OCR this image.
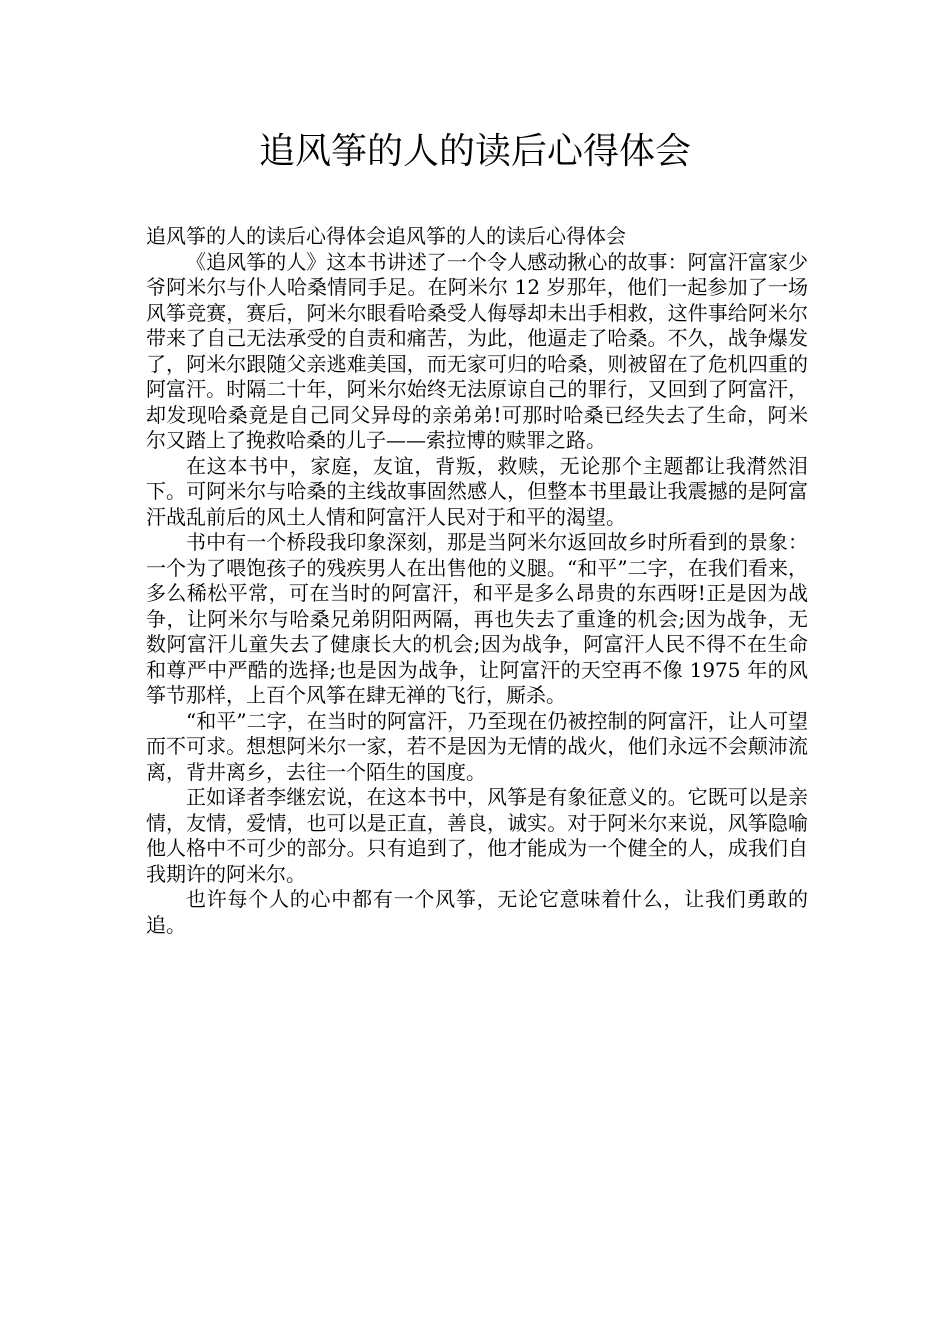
追风筝的人的读后心得体会

追风筝的人的读后心得体会追风筝的人的读后心得体会

《追风筝的人》这本书讲述了一个令人感动揪心的故事：阿富汗富家少爷阿米尔与仆人哈桑情同手足。在阿米尔 12 岁那年，他们一起参加了一场风筝竞赛，赛后，阿米尔眼看哈桑受人侮辱却未出手相救，这件事给阿米尔带来了自己无法承受的自责和痛苦，为此，他逼走了哈桑。不久，战争爆发了，阿米尔跟随父亲逃难美国，而无家可归的哈桑，则被留在了危机四重的阿富汗。时隔二十年，阿米尔始终无法原谅自己的罪行，又回到了阿富汗，却发现哈桑竟是自己同父异母的亲弟弟!可那时哈桑已经失去了生命，阿米尔又踏上了挽救哈桑的儿子——索拉博的赎罪之路。

在这本书中，家庭，友谊，背叛，救赎，无论那个主题都让我潸然泪下。可阿米尔与哈桑的主线故事固然感人，但整本书里最让我震撼的是阿富汗战乱前后的风土人情和阿富汗人民对于和平的渴望。

书中有一个桥段我印象深刻，那是当阿米尔返回故乡时所看到的景象：一个为了喂饱孩子的残疾男人在出售他的义腿。“和平”二字，在我们看来，多么稀松平常，可在当时的阿富汗，和平是多么昂贵的东西呀!正是因为战争，让阿米尔与哈桑兄弟阴阳两隔，再也失去了重逢的机会;因为战争，无数阿富汗儿童失去了健康长大的机会;因为战争，阿富汗人民不得不在生命和尊严中严酷的选择;也是因为战争，让阿富汗的天空再不像 1975 年的风筝节那样，上百个风筝在肆无禅的飞行，厮杀。

“和平”二字，在当时的阿富汗，乃至现在仍被控制的阿富汗，让人可望而不可求。想想阿米尔一家，若不是因为无情的战火，他们永远不会颠沛流离，背井离乡，去往一个陌生的国度。

正如译者李继宏说，在这本书中，风筝是有象征意义的。它既可以是亲情，友情，爱情，也可以是正直，善良，诚实。对于阿米尔来说，风筝隐喻他人格中不可少的部分。只有追到了，他才能成为一个健全的人，成我们自我期许的阿米尔。

也许每个人的心中都有一个风筝，无论它意味着什么，让我们勇敢的追。
